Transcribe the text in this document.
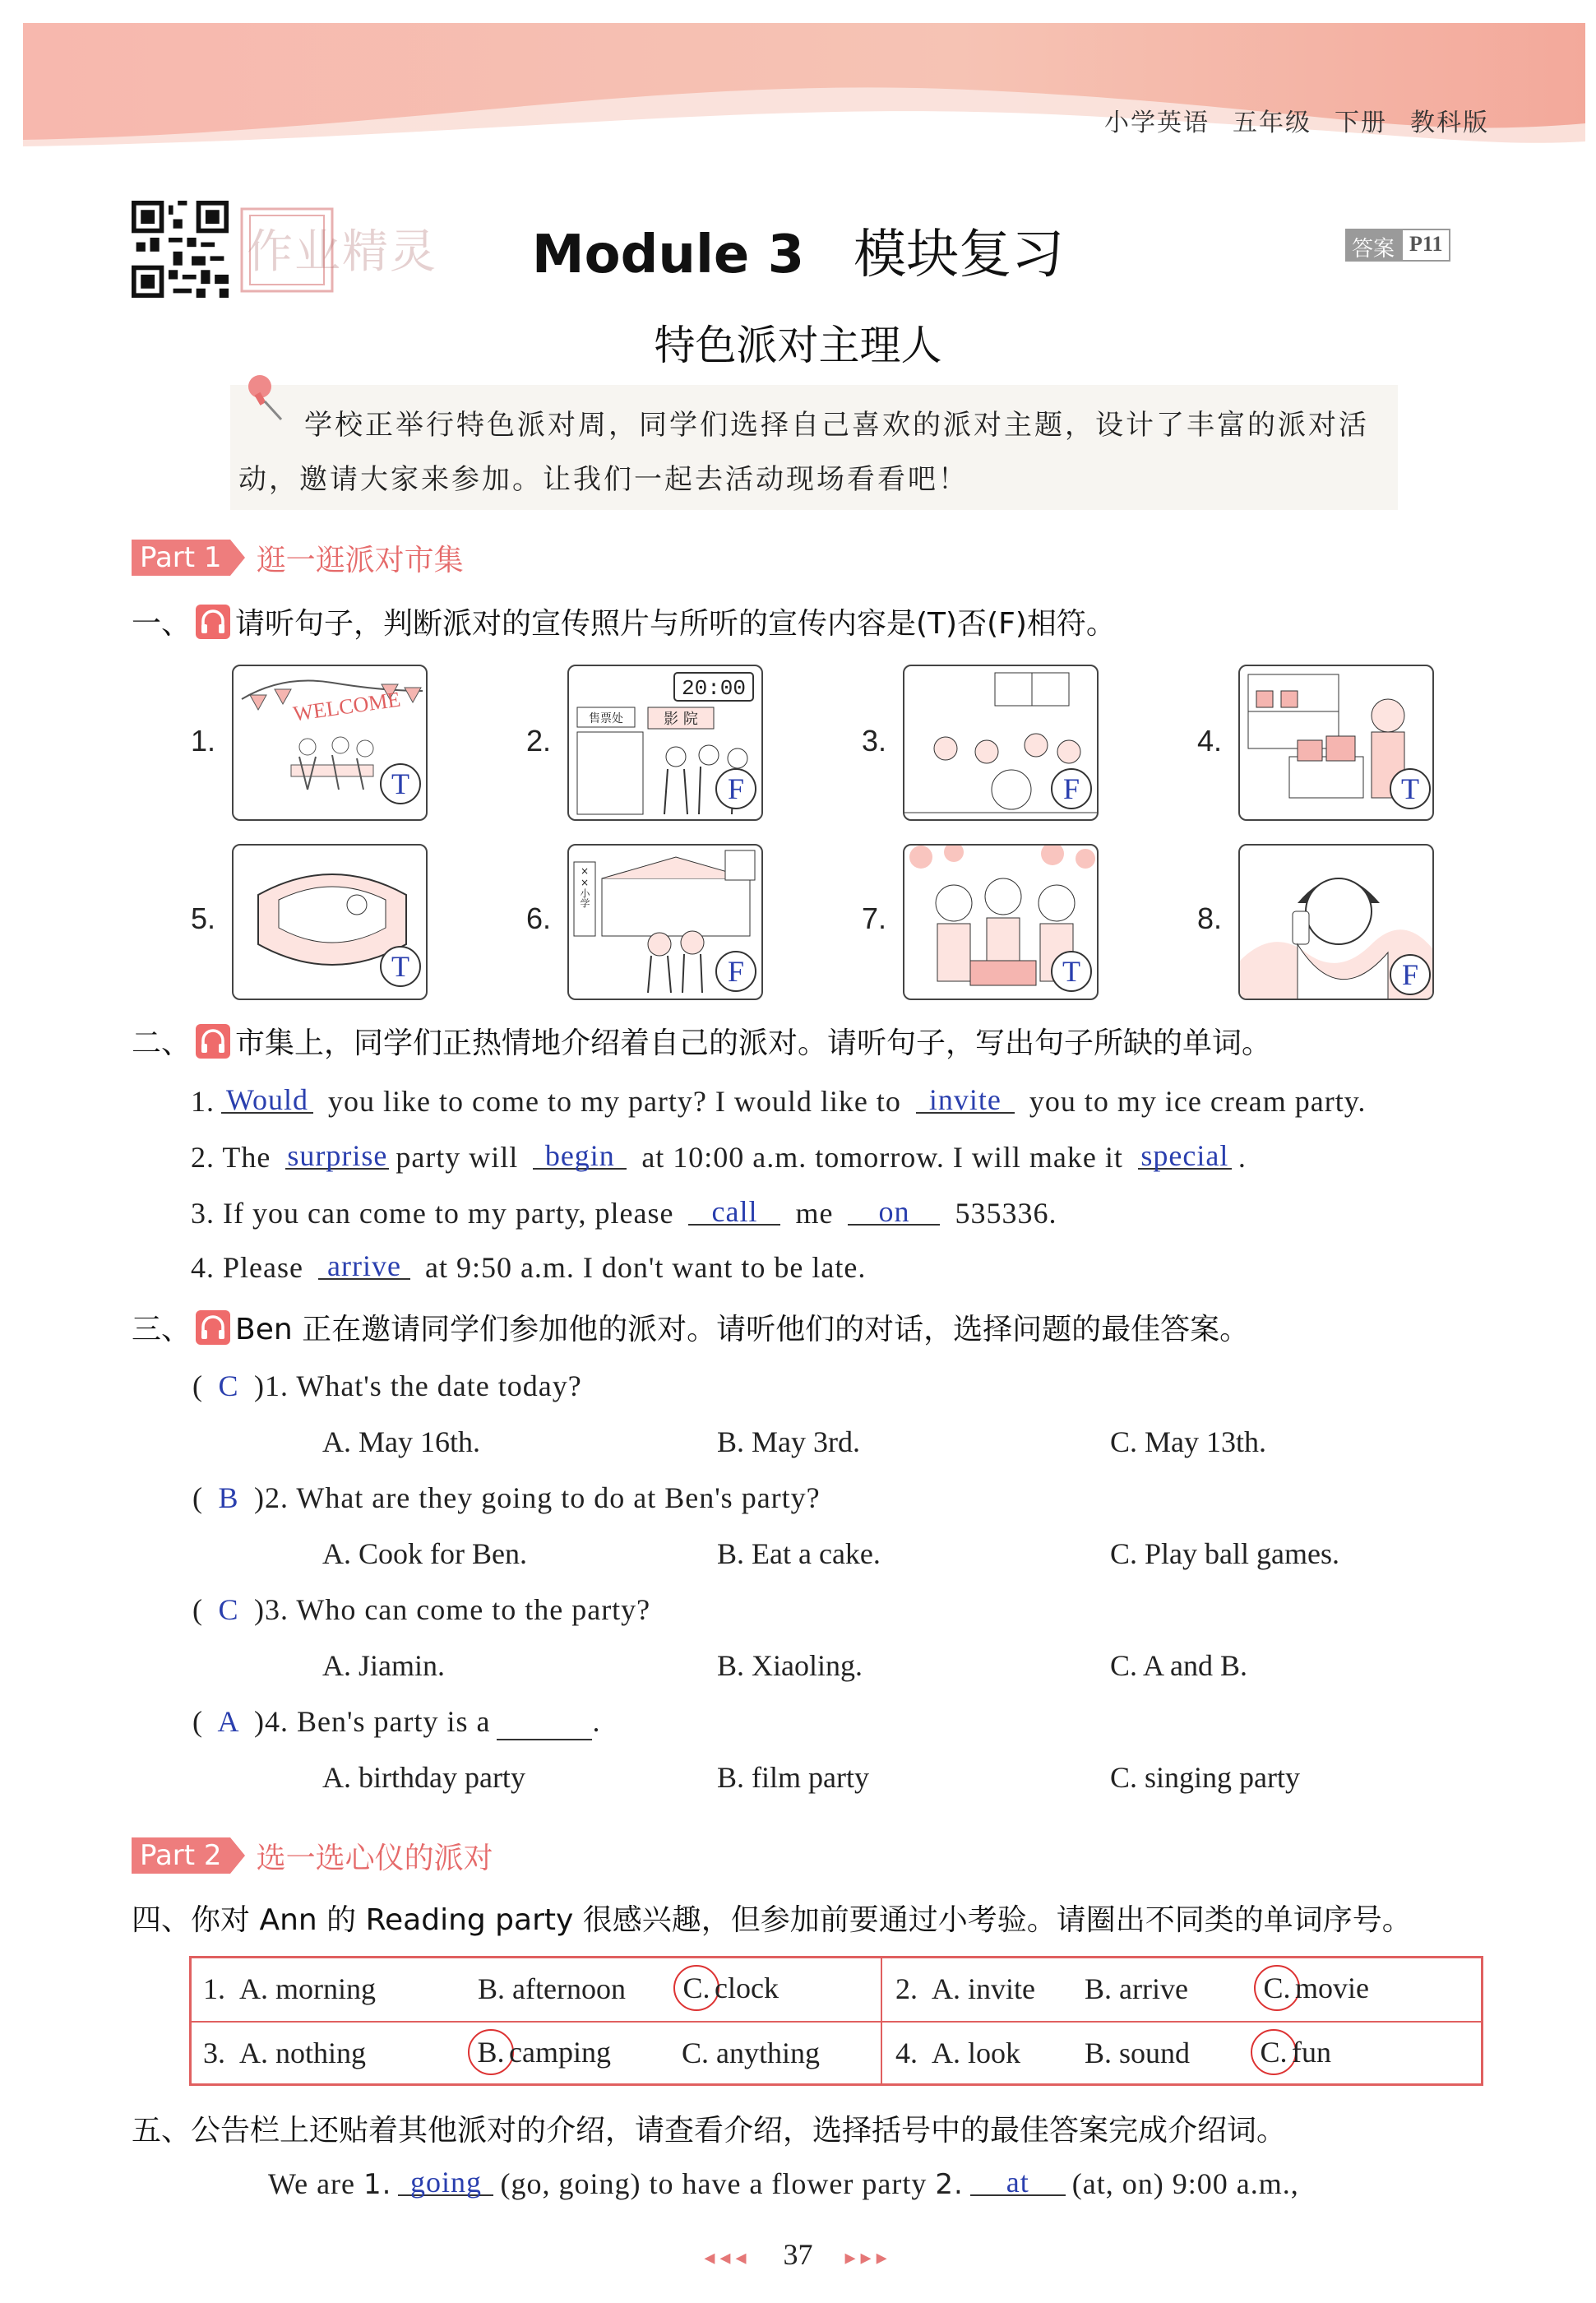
小学英语 五年级 下册 教科版
作业精灵	Module 3 模块复习	答案 P11
特色派对主理人
学校正举行特色派对周，同学们选择自己喜欢的派对主题，设计了丰富的派对活动，邀请大家来参加。让我们一起去活动现场看看吧！
Part 1 逛一逛派对市集
一、 请听句子，判断派对的宣传照片与所听的宣传内容是(T)否(F)相符。
1.
WELCOME
T
2.
20:00
售票处	影 院
F
3.
F
4.
T
5.
T
6.
××小学
F
7.
T
8.
F
二、 市集上，同学们正热情地介绍着自己的派对。请听句子，写出句子所缺的单词。
1. Would you like to come to my party? I would like to invite you to my ice cream party.
2. The surprise party will begin at 10:00 a.m. tomorrow. I will make it special .
3. If you can come to my party, please call me on 535336.
4. Please arrive at 9:50 a.m. I don't want to be late.
三、 Ben 正在邀请同学们参加他的派对。请听他们的对话，选择问题的最佳答案。
( C )1. What's the date today?
A. May 16th.	B. May 3rd.	C. May 13th.
( B )2. What are they going to do at Ben's party?
A. Cook for Ben.	B. Eat a cake.	C. Play ball games.
( C )3. Who can come to the party?
A. Jiamin.	B. Xiaoling.	C. A and B.
( A )4. Ben's party is a	.
A. birthday party	B. film party	C. singing party
Part 2 选一选心仪的派对
四、 你对 Ann 的 Reading party 很感兴趣，但参加前要通过小考验。请圈出不同类的单词序号。
1. A. morning	B. afternoon	C. clock	2. A. invite B. arrive	C. movie
3. A. nothing	B. camping C. anything	4. A. look B. sound	C. fun
五、 公告栏上还贴着其他派对的介绍，请查看介绍，选择括号中的最佳答案完成介绍词。
We are 1. going (go, going) to have a flower party 2. at (at, on) 9:00 a.m.,
◂◂◂ 37 ▸▸▸
